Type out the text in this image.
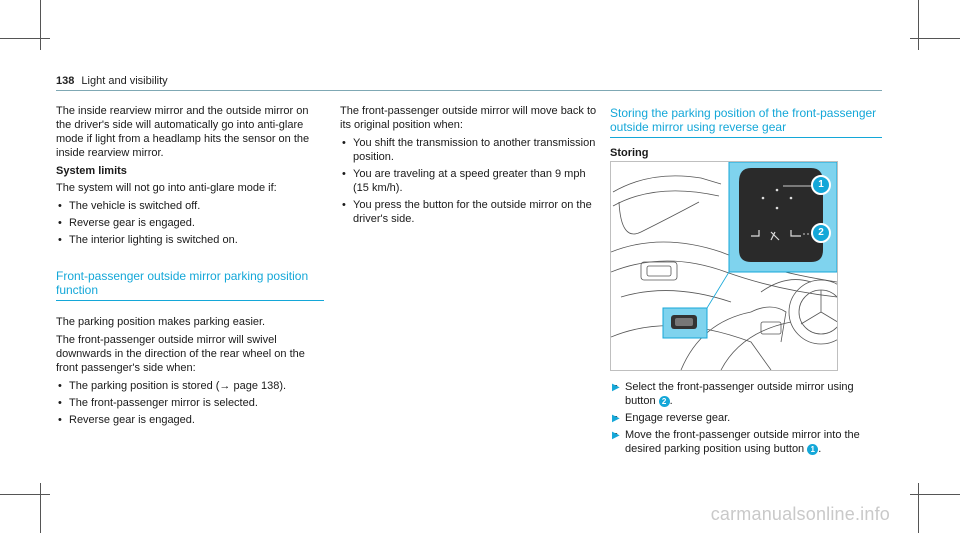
138 Light and visibility

The inside rearview mirror and the outside mirror on the driver's side will automatically go into anti-glare mode if light from a headlamp hits the sensor on the inside rearview mirror.

System limits

The system will not go into anti-glare mode if:

• The vehicle is switched off.
• Reverse gear is engaged.
• The interior lighting is switched on.
Front-passenger outside mirror parking position function

The parking position makes parking easier.

The front-passenger outside mirror will swivel downwards in the direction of the rear wheel on the front passenger's side when:

• The parking position is stored (→ page 138).
• The front-passenger mirror is selected.
• Reverse gear is engaged.

The front-passenger outside mirror will move back to its original position when:

• You shift the transmission to another transmission position.
• You are traveling at a speed greater than 9 mph (15 km/h).
• You press the button for the outside mirror on the driver's side.
Storing the parking position of the front-passenger outside mirror using reverse gear
Storing
1
2
• ▶ Select the front-passenger outside mirror using button 2 .
• ▶ Engage reverse gear.
• ▶ Move the front-passenger outside mirror into the desired parking position using button 1 .
carmanualsonline.info
